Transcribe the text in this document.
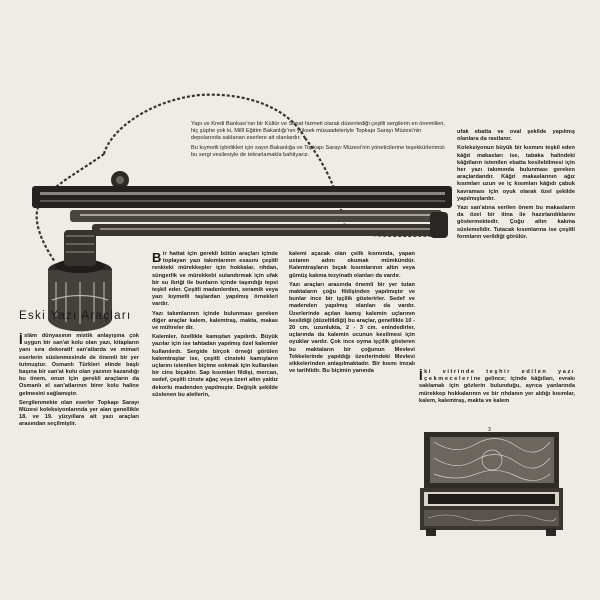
Yapı ve Kredi Bankası'nın bir Kültür ve Sanat hizmeti olarak düzenlediği çeşitli sergilerin en önemlileri, hiç şüphe yok ki, Millî Eğitim Bakanlığı'nın yüksek müsaadeleriyle Topkapı Sarayı Müzesi'nin depolarında saklanan eserlere ait olanlardır.

Bu kıymetli işbirlikleri için sayın Bakanlığa ve Topkapı Sarayı Müzesi'nin yöneticilerine teşekkürlerimizi bu sergi vesilesiyle de tekrarlamakla bahtiyarız.

ufak ebatta ve oval şekilde yapılmış olanlara da rastlanır.

Koleksiyonun büyük bir kısmını teşkil eden kâğıt makasları ise, tabaka halindeki kâğıtların istenilen ebatta kesilebilmesi için her yazı takımında bulunması gereken araçlardandır. Kâğıt makaslarının ağız kısımları uzun ve iç kısımları kâğıdı çabuk kavraması için oyuk olarak özel şekilde yapılmışlardır.

Yazı san'atına verilen önem bu makasların da özel bir itina ile hazırlandıklarını göstermektedir. Çoğu altın kakma süslemelidir. Tutacak kısımlarına ise çeşitli formların verildiği görülür.

İki vitrinde teşhir edilen yazı çekmecelerine gelince; içinde kâğıtları, evrakı saklamak için gözlerin bulunduğu, ayrıca yanlarında mürekkep hokkalarının ve bir rıhdanın yer aldığı kısımlar, kalem, kalemtraş, makta ve kalem

Eski Yazı Araçları

İslâm dünyasının mistik anlayışına çok uygun bir san'at kolu olan yazı, kitapların yanı sıra dekoratif san'atlarda ve mimari eserlerin süslenmesinde de önemli bir yer tutmuştur. Osmanlı Türkleri elinde başlı başına bir san'at kolu olan yazının kazandığı bu önem, onun için gerekli araçların da Osmanlı el san'atlarının birer kolu haline gelmesini sağlamıştır.

Sergilenmekte olan eserler Topkapı Sarayı Müzesi koleksiyonlarında yer alan genellikle 18. ve 19. yüzyıllara ait yazı araçları arasından seçilmiştir.

Bir hattat için gerekli bütün araçları içinde toplayan yazı takımlarının esasını çeşitli renkteki mürekkepler için hokkalar, rıhdan, süngerlik ve mürekkebi sulandırmak için ufak bir su ibriği ile bunların içinde taşındığı tepsi teşkil eder. Çeşitli madenlerden, seramik veya yazı kıymetli taşlardan yapılmış örnekleri vardır.

Yazı takımlarının içinde bulunması gereken diğer araçlar kalem, kalemtraş, makta, makas ve mühreler dir.

Kalemler, özellikle kamıştan yapılırdı. Büyük yazılar için ise tahtadan yapılmış özel kalemler kullanılırdı. Sergide birçok örneği görülen kalemtraşlar ise, çeşitli cinsteki kamışların uçlarını istenilen biçime sokmak için kullanılan bir cins bıçaktır. Sap kısımları fildişi, mercan, sedef, çeşitli cinste ağaç veya üzeri altın yaldız dekorlu madenden yapılmıştır. Değişik şekilde süslenen bu aletlerin,

kalemi açacak olan çelik kısmında, yapan ustanın adını okumak mümkündür. Kalemtraşların bıçak kısımlarının altın veya gümüş kakma tezyinatlı olanları da vardır.

Yazı araçları arasında önemli bir yer tutan maktaların çoğu fildişinden yapılmıştır ve bunlar ince bir işçilik gösterirler. Sedef ve madenden yapılmış olanları da vardır. Üzerlerinde açılan kamış kalemin uçlarının kesildiği (düzeltildiği) bu araçlar, genellikle 10 - 20 cm. uzunlukta, 2 - 3 cm. enindedirler, uçlarında da kalemin ucunun kesilmesi için oyuklar vardır. Çok ince oyma işçilik gösteren bu maktaların bir çoğunun Mevlevi Tekkelerinde yapıldığı üzerlerindeki Mevlevi sikkelerinden anlaşılmaktadır. Bir kısmı imzalı ve tarihlidir. Bu biçimin yanında

3
